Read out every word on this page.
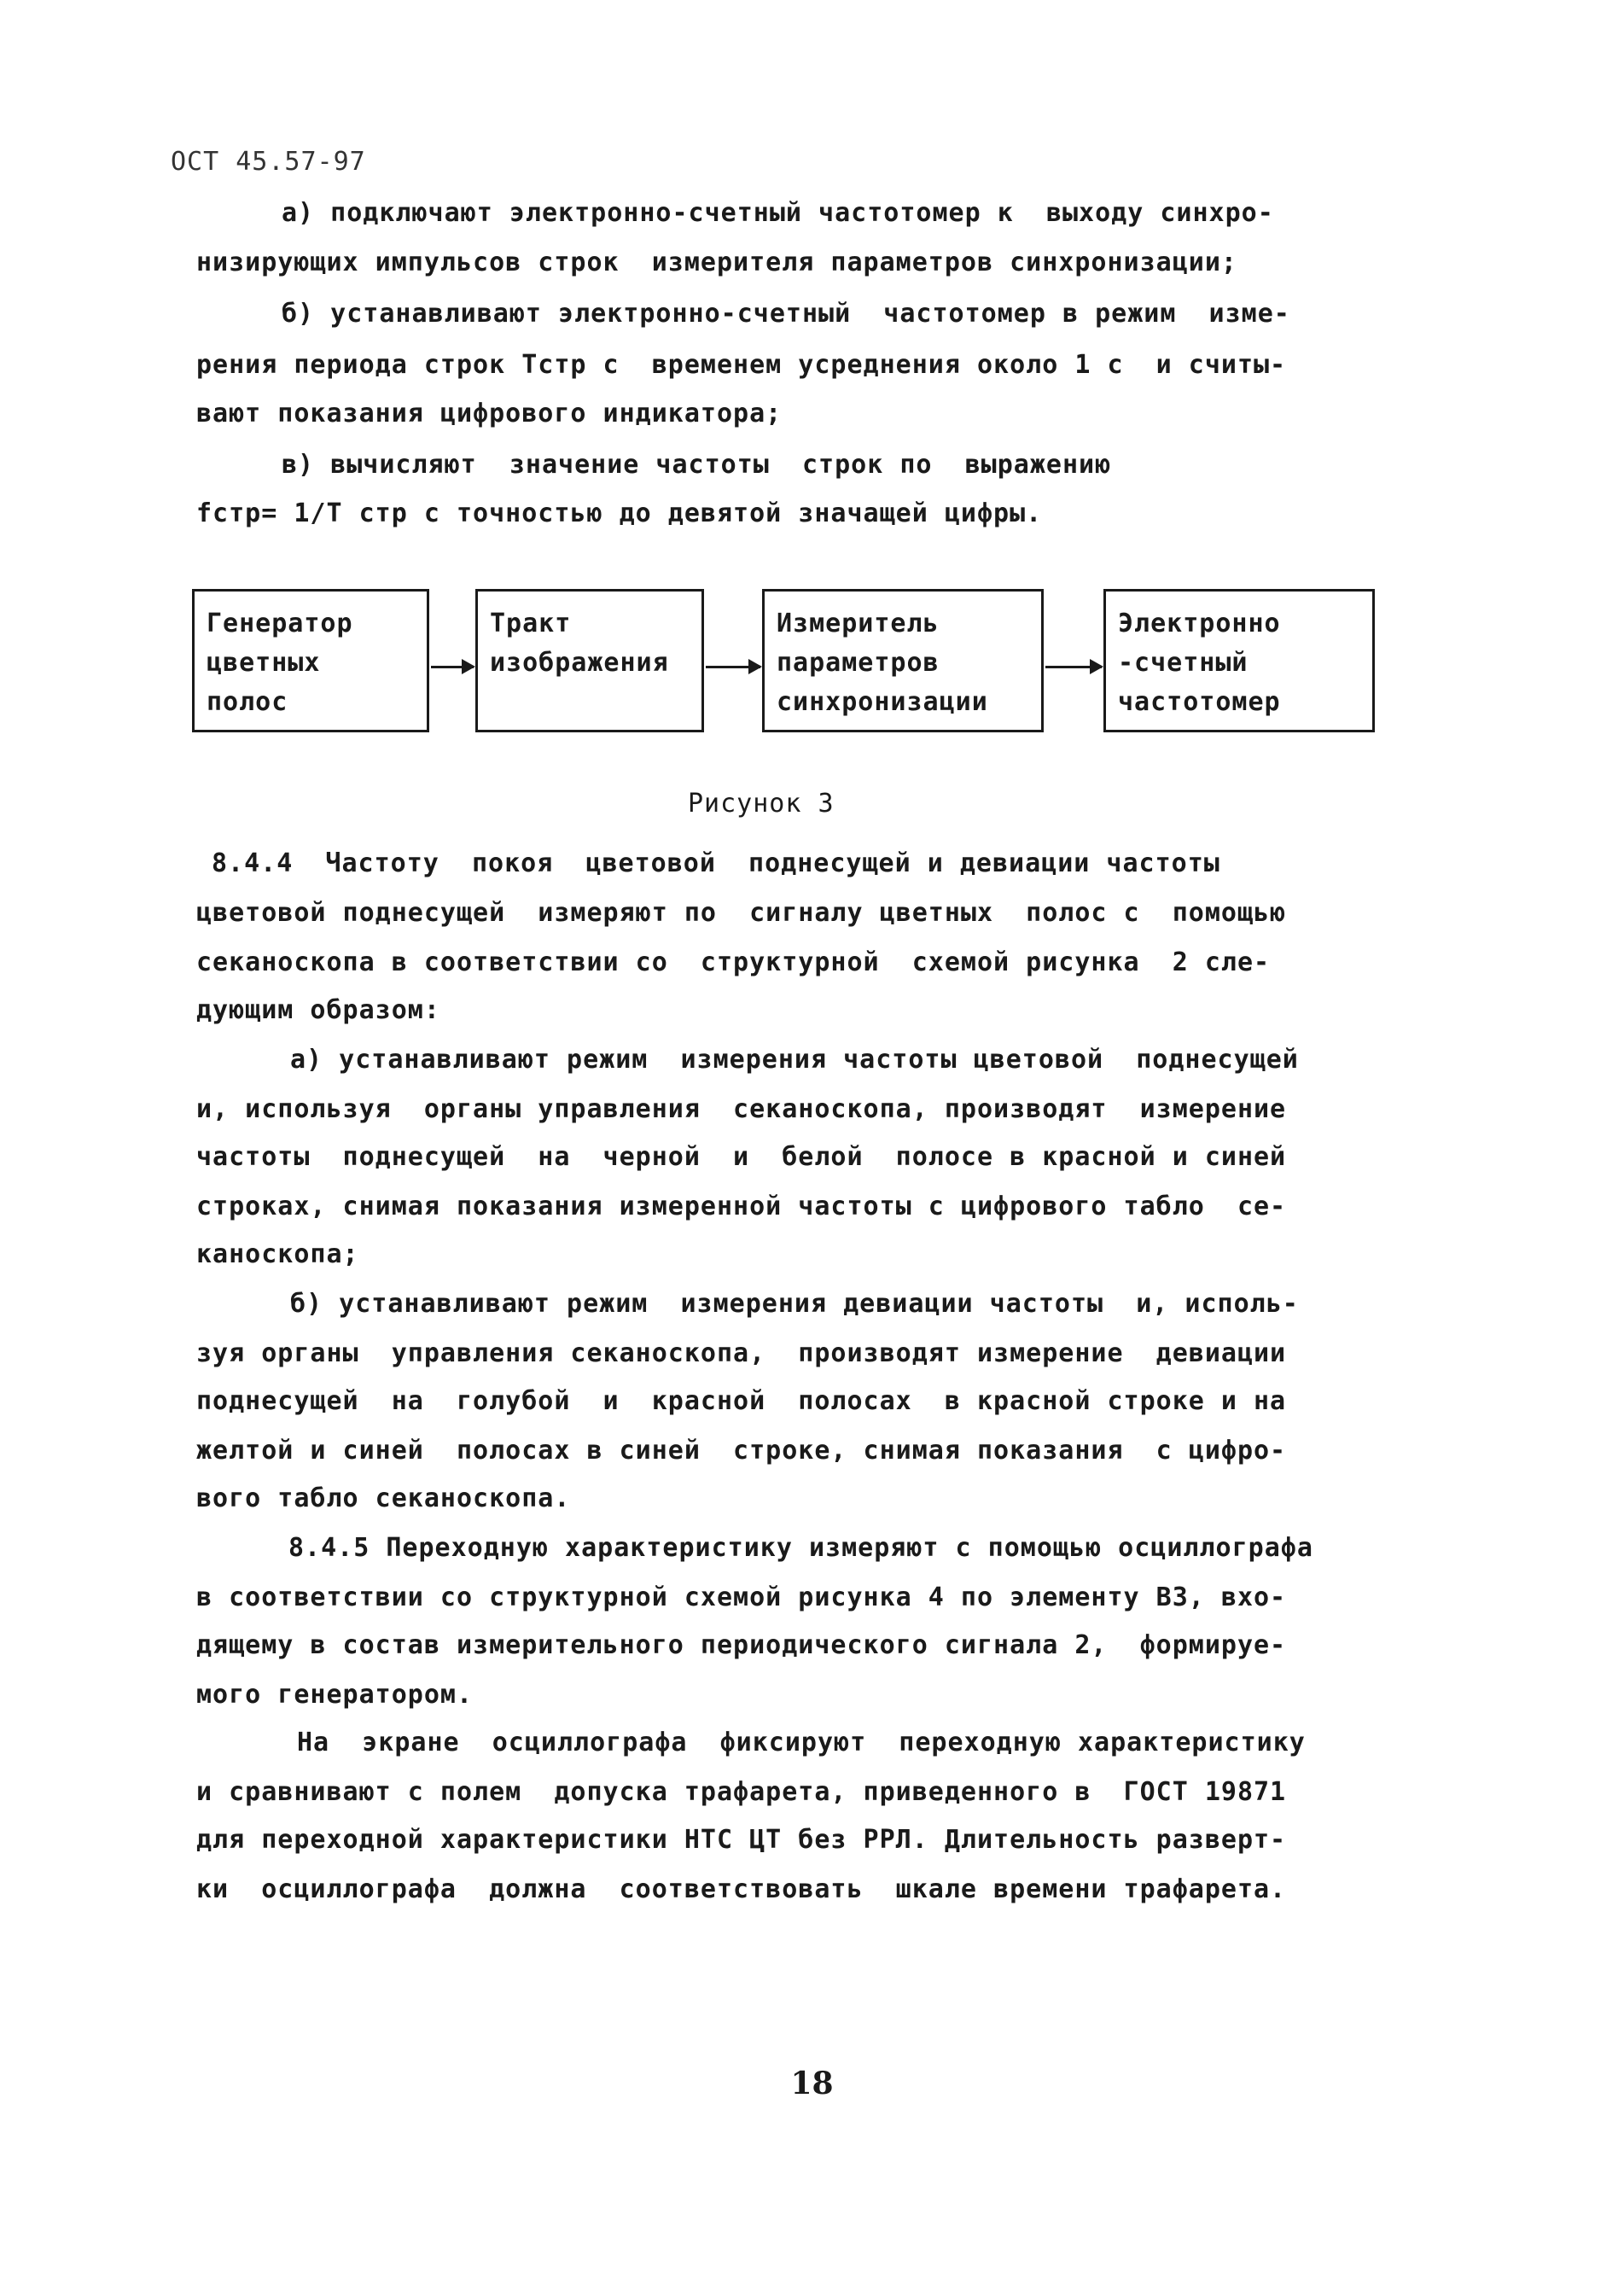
ОСТ 45.57-97
а) подключают электронно-счетный частотомер к  выходу синхро-
низирующих импульсов строк  измерителя параметров синхронизации;
б) устанавливают электронно-счетный  частотомер в режим  изме-
рения периода строк Тстр с  временем усреднения около 1 с  и считы-
вают показания цифрового индикатора;
в) вычисляют  значение частоты  строк по  выражению
fстр= 1/Т стр с точностью до девятой значащей цифры.
Генератор
цветных
полос
Тракт
изображения
Измеритель
параметров
синхронизации
Электронно
-счетный
частотомер
Рисунок 3
8.4.4  Частоту  покоя  цветовой  поднесущей и девиации частоты
цветовой поднесущей  измеряют по  сигналу цветных  полос с  помощью
секаноскопа в соответствии со  структурной  схемой рисунка  2 сле-
дующим образом:
а) устанавливают режим  измерения частоты цветовой  поднесущей
и, используя  органы управления  секаноскопа, производят  измерение
частоты  поднесущей  на  черной  и  белой  полосе в красной и синей
строках, снимая показания измеренной частоты с цифрового табло  се-
каноскопа;
б) устанавливают режим  измерения девиации частоты  и, исполь-
зуя органы  управления секаноскопа,  производят измерение  девиации
поднесущей  на  голубой  и  красной  полосах  в красной строке и на
желтой и синей  полосах в синей  строке, снимая показания  с цифро-
вого табло секаноскопа.
8.4.5 Переходную характеристику измеряют с помощью осциллографа
в соответствии со структурной схемой рисунка 4 по элементу В3, вхо-
дящему в состав измерительного периодического сигнала 2,  формируе-
мого генератором.
На  экране  осциллографа  фиксируют  переходную характеристику
и сравнивают с полем  допуска трафарета, приведенного в  ГОСТ 19871
для переходной характеристики НТС ЦТ без РРЛ. Длительность разверт-
ки  осциллографа  должна  соответствовать  шкале времени трафарета.
18
